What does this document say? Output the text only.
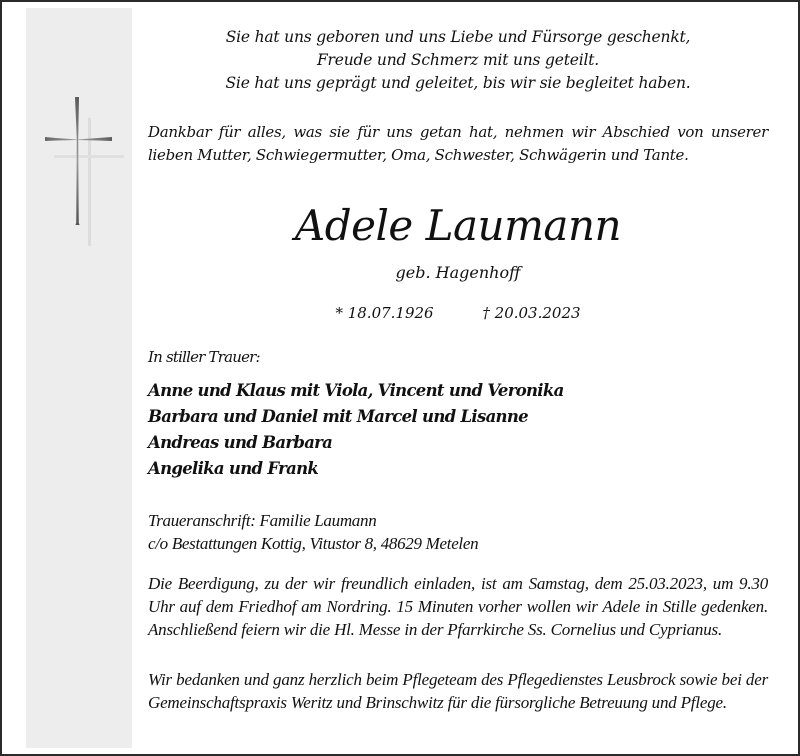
Sie hat uns geboren und uns Liebe und Fürsorge geschenkt,
Freude und Schmerz mit uns geteilt.
Sie hat uns geprägt und geleitet, bis wir sie begleitet haben.
Dankbar für alles, was sie für uns getan hat, nehmen wir Abschied von unserer lieben Mutter, Schwiegermutter, Oma, Schwester, Schwägerin und Tante.
Adele Laumann
geb. Hagenhoff
* 18.07.1926	† 20.03.2023
In stiller Trauer:
Anne und Klaus mit Viola, Vincent und Veronika
Barbara und Daniel mit Marcel und Lisanne
Andreas und Barbara
Angelika und Frank
Traueranschrift: Familie Laumann
c/o Bestattungen Kottig, Vitustor 8, 48629 Metelen
Die Beerdigung, zu der wir freundlich einladen, ist am Samstag, dem 25.03.2023, um 9.30 Uhr auf dem Friedhof am Nordring. 15 Minuten vorher wollen wir Adele in Stille gedenken. Anschließend feiern wir die Hl. Messe in der Pfarrkirche Ss. Cornelius und Cyprianus.
Wir bedanken und ganz herzlich beim Pflegeteam des Pflegedienstes Leusbrock sowie bei der Gemeinschaftspraxis Weritz und Brinschwitz für die fürsorgliche Betreuung und Pflege.
